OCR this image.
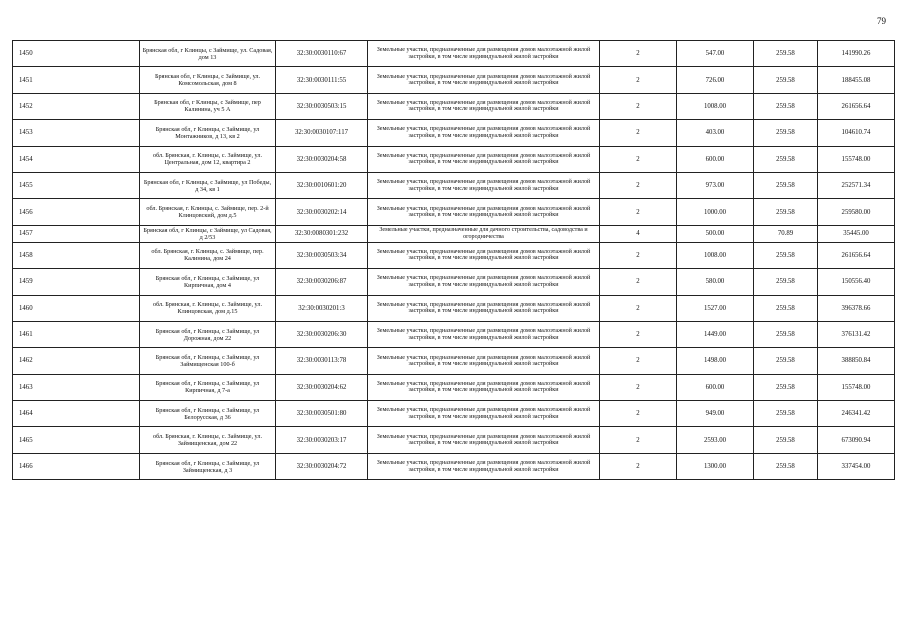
79
1450	Брянская обл, г Клинцы, с Займище, ул. Садовая, дом 13	32:30:0030110:67	Земельные участки, предназначенные для размещения домов малоэтажной жилой застройки, в том числе индивидуальной жилой застройки	2	547.00	259.58	141990.26
1451	Брянская обл, г Клинцы, с Займище, ул. Комсомольская, дом 8	32:30:0030111:55	Земельные участки, предназначенные для размещения домов малоэтажной жилой застройки, в том числе индивидуальной жилой застройки	2	726.00	259.58	188455.08
1452	Брянская обл, г Клинцы, с Займище, пер Калинина, уч 5 А	32:30:0030503:15	Земельные участки, предназначенные для размещения домов малоэтажной жилой застройки, в том числе индивидуальной жилой застройки	2	1008.00	259.58	261656.64
1453	Брянская обл, г Клинцы, с Займище, ул Монтажников, д 13, кв 2	32:30:0030107:117	Земельные участки, предназначенные для размещения домов малоэтажной жилой застройки, в том числе индивидуальной жилой застройки	2	403.00	259.58	104610.74
1454	обл. Брянская, г. Клинцы, с. Займище, ул. Центральная, дом 12, квартира 2	32:30:0030204:58	Земельные участки, предназначенные для размещения домов малоэтажной жилой застройки, в том числе индивидуальной жилой застройки	2	600.00	259.58	155748.00
1455	Брянская обл, г Клинцы, с Займище, ул Победы, д 34, кв 1	32:30:0010601:20	Земельные участки, предназначенные для размещения домов малоэтажной жилой застройки, в том числе индивидуальной жилой застройки	2	973.00	259.58	252571.34
1456	обл. Брянская, г. Клинцы, с. Займище, пер. 2-й Клинцовский, дом д.5	32:30:0030202:14	Земельные участки, предназначенные для размещения домов малоэтажной жилой застройки, в том числе индивидуальной жилой застройки	2	1000.00	259.58	259580.00
1457	Брянская обл, г Клинцы, с Займище, ул Садовая, д 2/53	32:30:0080301:232	Земельные участки, предназначенные для дачного строительства, садоводства и огородничества	4	500.00	70.89	35445.00
1458	обл. Брянская, г. Клинцы, с. Займище, пер. Калинина, дом 24	32:30:0030503:34	Земельные участки, предназначенные для размещения домов малоэтажной жилой застройки, в том числе индивидуальной жилой застройки	2	1008.00	259.58	261656.64
1459	Брянская обл, г Клинцы, с Займище, ул Кирпичная, дом 4	32:30:0030206:87	Земельные участки, предназначенные для размещения домов малоэтажной жилой застройки, в том числе индивидуальной жилой застройки	2	580.00	259.58	150556.40
1460	обл. Брянская, г. Клинцы, с. Займище, ул. Клинцовская, дом д.15	32:30:0030201:3	Земельные участки, предназначенные для размещения домов малоэтажной жилой застройки, в том числе индивидуальной жилой застройки	2	1527.00	259.58	396378.66
1461	Брянская обл, г Клинцы, с Займище, ул Дорожная, дом 22	32:30:0030206:30	Земельные участки, предназначенные для размещения домов малоэтажной жилой застройки, в том числе индивидуальной жилой застройки	2	1449.00	259.58	376131.42
1462	Брянская обл, г Клинцы, с Займище, ул Займищенская 100-б	32:30:0030113:78	Земельные участки, предназначенные для размещения домов малоэтажной жилой застройки, в том числе индивидуальной жилой застройки	2	1498.00	259.58	388850.84
1463	Брянская обл, г Клинцы, с Займище, ул Кирпичная, д 7-а	32:30:0030204:62	Земельные участки, предназначенные для размещения домов малоэтажной жилой застройки, в том числе индивидуальной жилой застройки	2	600.00	259.58	155748.00
1464	Брянская обл, г Клинцы, с Займище, ул Белорусская, д 36	32:30:0030501:80	Земельные участки, предназначенные для размещения домов малоэтажной жилой застройки, в том числе индивидуальной жилой застройки	2	949.00	259.58	246341.42
1465	обл. Брянская, г. Клинцы, с. Займище, ул. Займищенская, дом 22	32:30:0030203:17	Земельные участки, предназначенные для размещения домов малоэтажной жилой застройки, в том числе индивидуальной жилой застройки	2	2593.00	259.58	673090.94
1466	Брянская обл, г Клинцы, с Займище, ул Займищенская, д 3	32:30:0030204:72	Земельные участки, предназначенные для размещения домов малоэтажной жилой застройки, в том числе индивидуальной жилой застройки	2	1300.00	259.58	337454.00
